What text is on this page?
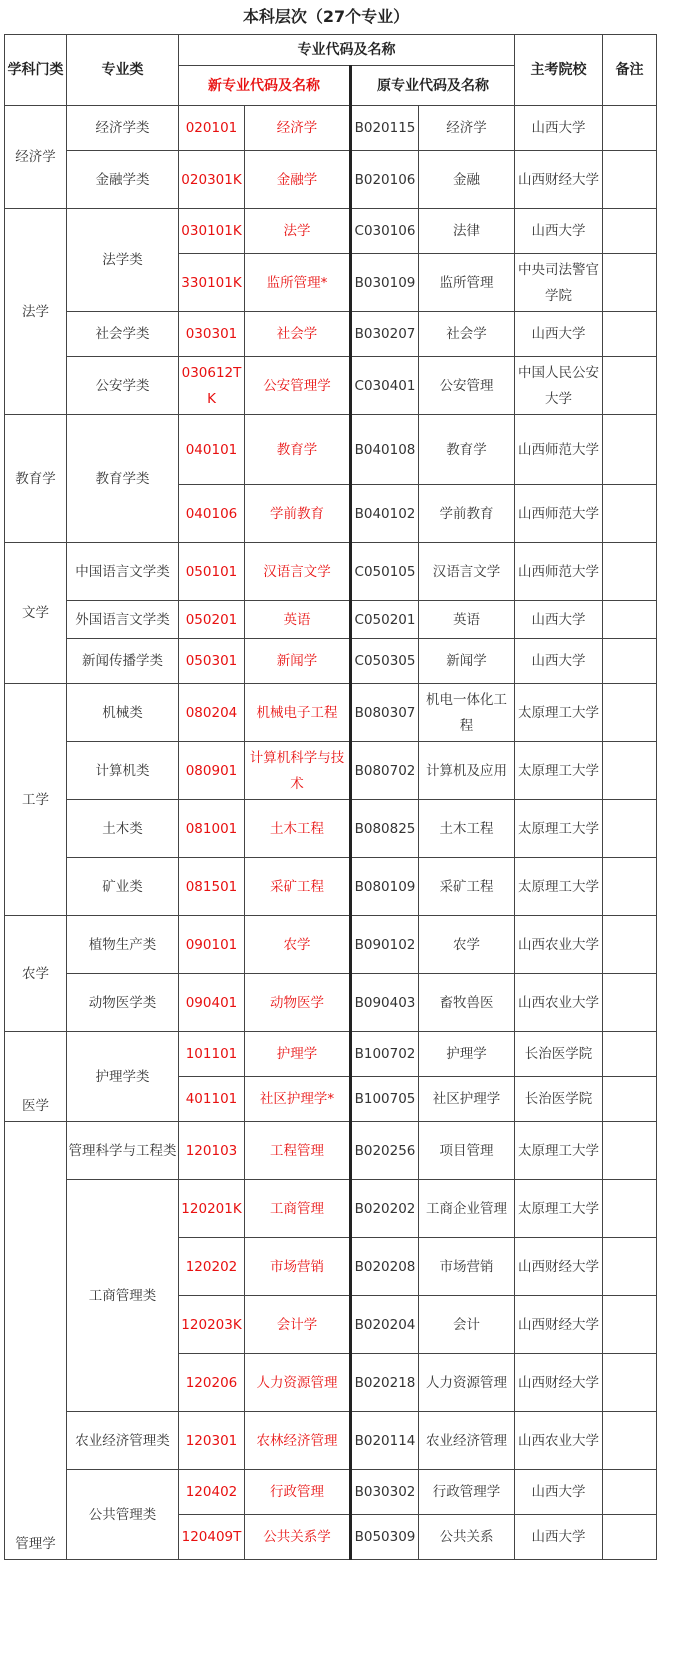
本科层次（27个专业）
学科门类	专业类	专业代码及名称				主考院校	备注
		新专业代码及名称		原专业代码及名称			
经济学	经济学类	020101	经济学	B020115	经济学	山西大学	
	金融学类	020301K	金融学	B020106	金融	山西财经大学	
法学	法学类	030101K	法学	C030106	法律	山西大学	
		330101K	监所管理*	B030109	监所管理	中央司法警官学院	
	社会学类	030301	社会学	B030207	社会学	山西大学	
	公安学类	030612TK	公安管理学	C030401	公安管理	中国人民公安大学	
教育学	教育学类	040101	教育学	B040108	教育学	山西师范大学	
		040106	学前教育	B040102	学前教育	山西师范大学	
文学	中国语言文学类	050101	汉语言文学	C050105	汉语言文学	山西师范大学	
	外国语言文学类	050201	英语	C050201	英语	山西大学	
	新闻传播学类	050301	新闻学	C050305	新闻学	山西大学	
工学	机械类	080204	机械电子工程	B080307	机电一体化工程	太原理工大学	
	计算机类	080901	计算机科学与技术	B080702	计算机及应用	太原理工大学	
	土木类	081001	土木工程	B080825	土木工程	太原理工大学	
	矿业类	081501	采矿工程	B080109	采矿工程	太原理工大学	
农学	植物生产类	090101	农学	B090102	农学	山西农业大学	
	动物医学类	090401	动物医学	B090403	畜牧兽医	山西农业大学	
医学	护理学类	101101	护理学	B100702	护理学	长治医学院	
		401101	社区护理学*	B100705	社区护理学	长治医学院	
管理学	管理科学与工程类	120103	工程管理	B020256	项目管理	太原理工大学	
	工商管理类	120201K	工商管理	B020202	工商企业管理	太原理工大学	
		120202	市场营销	B020208	市场营销	山西财经大学	
		120203K	会计学	B020204	会计	山西财经大学	
		120206	人力资源管理	B020218	人力资源管理	山西财经大学	
	农业经济管理类	120301	农林经济管理	B020114	农业经济管理	山西农业大学	
	公共管理类	120402	行政管理	B030302	行政管理学	山西大学	
		120409T	公共关系学	B050309	公共关系	山西大学	
